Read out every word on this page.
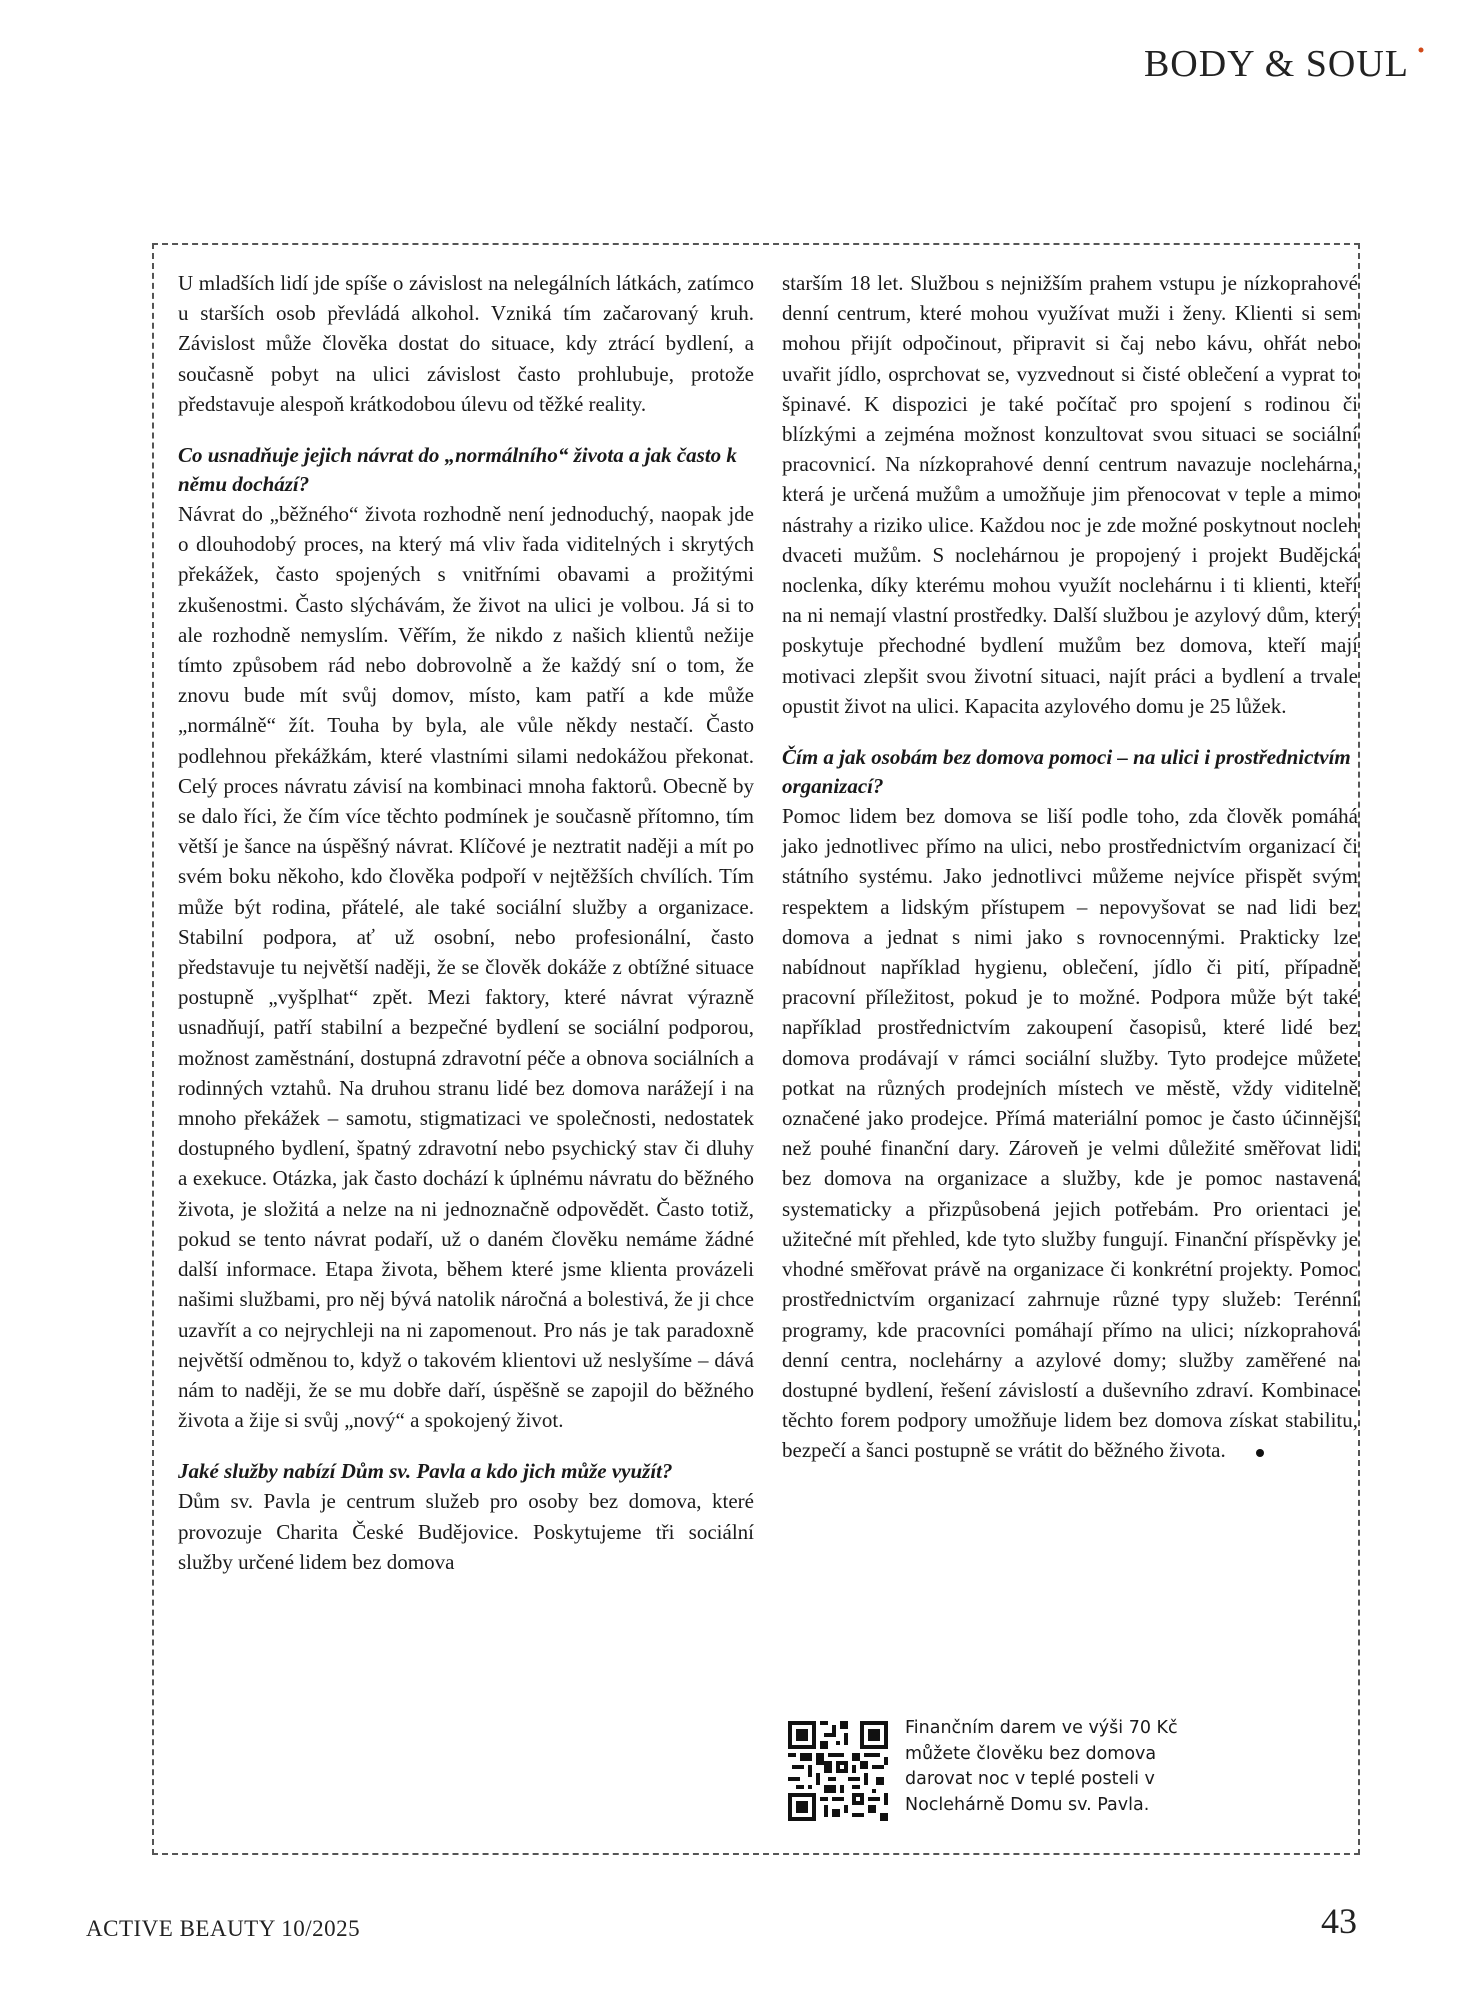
BODY & SOUL

U mladších lidí jde spíše o závislost na nelegálních látkách, zatímco u starších osob převládá alkohol. Vzniká tím začarovaný kruh. Závislost může člověka dostat do situace, kdy ztrácí bydlení, a současně pobyt na ulici závislost často prohlubuje, protože představuje alespoň krátkodobou úlevu od těžké reality.

Co usnadňuje jejich návrat do „normálního“ života a jak často k němu dochází?

Návrat do „běžného“ života rozhodně není jednoduchý, naopak jde o dlouhodobý proces, na který má vliv řada viditelných i skrytých překážek, často spojených s vnitřními obavami a prožitými zkušenostmi. Často slýchávám, že život na ulici je volbou. Já si to ale rozhodně nemyslím. Věřím, že nikdo z našich klientů nežije tímto způsobem rád nebo dobrovolně a že každý sní o tom, že znovu bude mít svůj domov, místo, kam patří a kde může „normálně“ žít. Touha by byla, ale vůle někdy nestačí. Často podlehnou překážkám, které vlastními silami nedokážou překonat. Celý proces návratu závisí na kombinaci mnoha faktorů. Obecně by se dalo říci, že čím více těchto podmínek je současně přítomno, tím větší je šance na úspěšný návrat. Klíčové je neztratit naději a mít po svém boku někoho, kdo člověka podpoří v nejtěžších chvílích. Tím může být rodina, přátelé, ale také sociální služby a organizace. Stabilní podpora, ať už osobní, nebo profesionální, často představuje tu největší naději, že se člověk dokáže z obtížné situace postupně „vyšplhat“ zpět. Mezi faktory, které návrat výrazně usnadňují, patří stabilní a bezpečné bydlení se sociální podporou, možnost zaměstnání, dostupná zdravotní péče a obnova sociálních a rodinných vztahů. Na druhou stranu lidé bez domova narážejí i na mnoho překážek – samotu, stigmatizaci ve společnosti, nedostatek dostupného bydlení, špatný zdravotní nebo psychický stav či dluhy a exekuce. Otázka, jak často dochází k úplnému návratu do běžného života, je složitá a nelze na ni jednoznačně odpovědět. Často totiž, pokud se tento návrat podaří, už o daném člověku nemáme žádné další informace. Etapa života, během které jsme klienta provázeli našimi službami, pro něj bývá natolik náročná a bolestivá, že ji chce uzavřít a co nejrychleji na ni zapomenout. Pro nás je tak paradoxně největší odměnou to, když o takovém klientovi už neslyšíme – dává nám to naději, že se mu dobře daří, úspěšně se zapojil do běžného života a žije si svůj „nový“ a spokojený život.

Jaké služby nabízí Dům sv. Pavla a kdo jich může využít?

Dům sv. Pavla je centrum služeb pro osoby bez domova, které provozuje Charita České Budějovice. Poskytujeme tři sociální služby určené lidem bez domova

starším 18 let. Službou s nejnižším prahem vstupu je nízkoprahové denní centrum, které mohou využívat muži i ženy. Klienti si sem mohou přijít odpočinout, připravit si čaj nebo kávu, ohřát nebo uvařit jídlo, osprchovat se, vyzvednout si čisté oblečení a vyprat to špinavé. K dispozici je také počítač pro spojení s rodinou či blízkými a zejména možnost konzultovat svou situaci se sociální pracovnicí. Na nízkoprahové denní centrum navazuje noclehárna, která je určená mužům a umožňuje jim přenocovat v teple a mimo nástrahy a riziko ulice. Každou noc je zde možné poskytnout nocleh dvaceti mužům. S noclehárnou je propojený i projekt Budějcká noclenka, díky kterému mohou využít noclehárnu i ti klienti, kteří na ni nemají vlastní prostředky. Další službou je azylový dům, který poskytuje přechodné bydlení mužům bez domova, kteří mají motivaci zlepšit svou životní situaci, najít práci a bydlení a trvale opustit život na ulici. Kapacita azylového domu je 25 lůžek.

Čím a jak osobám bez domova pomoci – na ulici i prostřednictvím organizací?

Pomoc lidem bez domova se liší podle toho, zda člověk pomáhá jako jednotlivec přímo na ulici, nebo prostřednictvím organizací či státního systému. Jako jednotlivci můžeme nejvíce přispět svým respektem a lidským přístupem – nepovyšovat se nad lidi bez domova a jednat s nimi jako s rovnocennými. Prakticky lze nabídnout například hygienu, oblečení, jídlo či pití, případně pracovní příležitost, pokud je to možné. Podpora může být také například prostřednictvím zakoupení časopisů, které lidé bez domova prodávají v rámci sociální služby. Tyto prodejce můžete potkat na různých prodejních místech ve městě, vždy viditelně označené jako prodejce. Přímá materiální pomoc je často účinnější než pouhé finanční dary. Zároveň je velmi důležité směřovat lidi bez domova na organizace a služby, kde je pomoc nastavená systematicky a přizpůsobená jejich potřebám. Pro orientaci je užitečné mít přehled, kde tyto služby fungují. Finanční příspěvky je vhodné směřovat právě na organizace či konkrétní projekty. Pomoc prostřednictvím organizací zahrnuje různé typy služeb: Terénní programy, kde pracovníci pomáhají přímo na ulici; nízkoprahová denní centra, noclehárny a azylové domy; služby zaměřené na dostupné bydlení, řešení závislostí a duševního zdraví. Kombinace těchto forem podpory umožňuje lidem bez domova získat stabilitu, bezpečí a šanci postupně se vrátit do běžného života.

Finančním darem ve výši 70 Kč můžete člověku bez domova darovat noc v teplé posteli v Noclehárně Domu sv. Pavla.
ACTIVE BEAUTY 10/2025	43
